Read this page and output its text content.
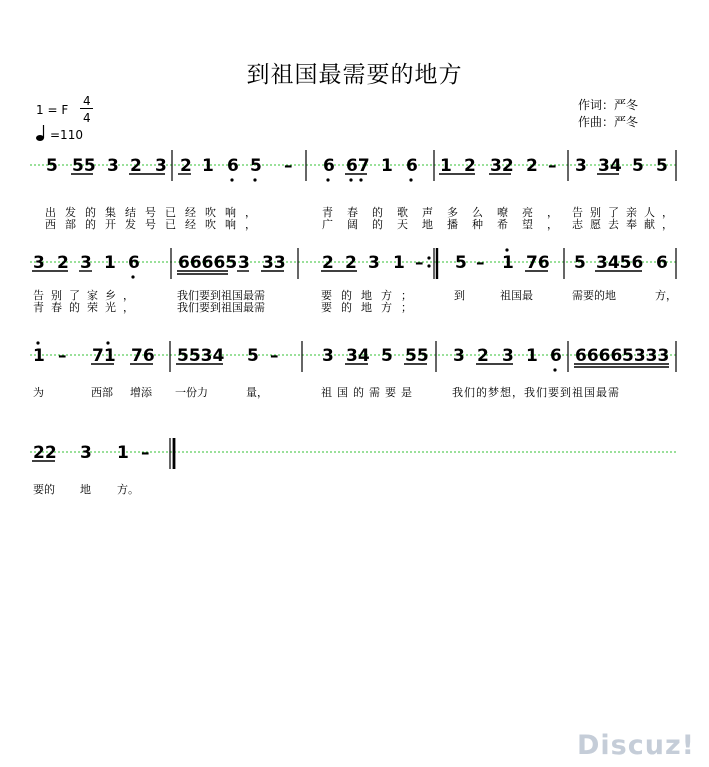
到祖国最需要的地方
1 = F
4
4
=110
作词：严冬
作曲：严冬
5 55 3 2 3 2 1 6 5 – 6 67 1 6 1 2 32 2 – 3 34 5 5
3 2 3 1 6 66665 3 33 2 2 3 1 – 5 – 1 76 5 3456 6
1 – 71 76 5534 5 –	3 34 5 55 3 2 3 1 6 6666 5333
22 3 1 –
出发的集结号已经吹响，	青春的歌声多么嘹亮， 告别了亲人，
西部的开发号已经吹响，	广阔的天地播种希望， 志愿去奉献，
告别了家乡，	我们要到祖国最需	要的地方；	到	祖国最	需要的地	方，
青春的荣光，	我们要到祖国最需	要的地方；
为	西部 增添 一份力	量，	祖国的需要是	我们的梦想，我们要到祖国最需
要的 地 方。
Discuz!
